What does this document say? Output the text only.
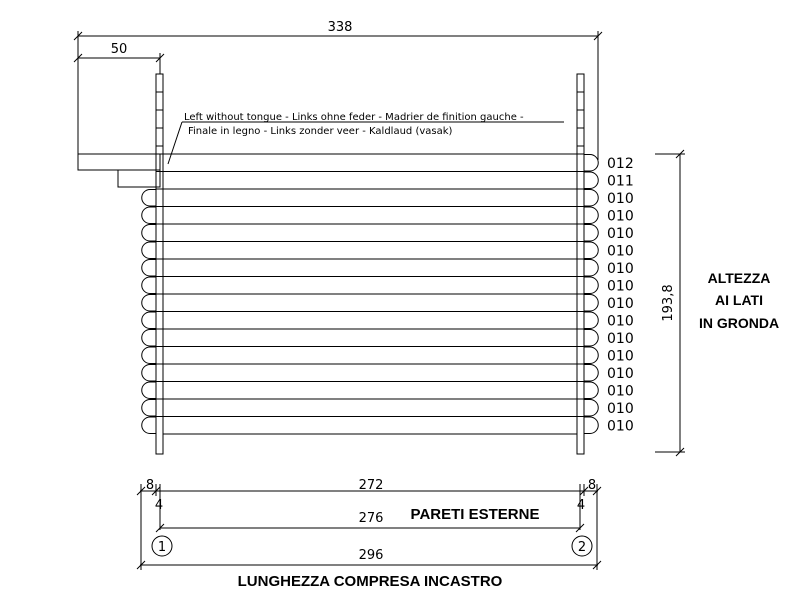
012
011
010
010
010
010
010
010
010
010
010
010
010
010
010
010
338
50
Left without tongue - Links ohne feder - Madrier de finition gauche -
Finale in legno - Links zonder veer - Kaldlaud (vasak)
193,8
ALTEZZA
AI LATI
IN GRONDA
8	8
4	4
272
276
296
PARETI ESTERNE
LUNGHEZZA COMPRESA INCASTRO
1	2
